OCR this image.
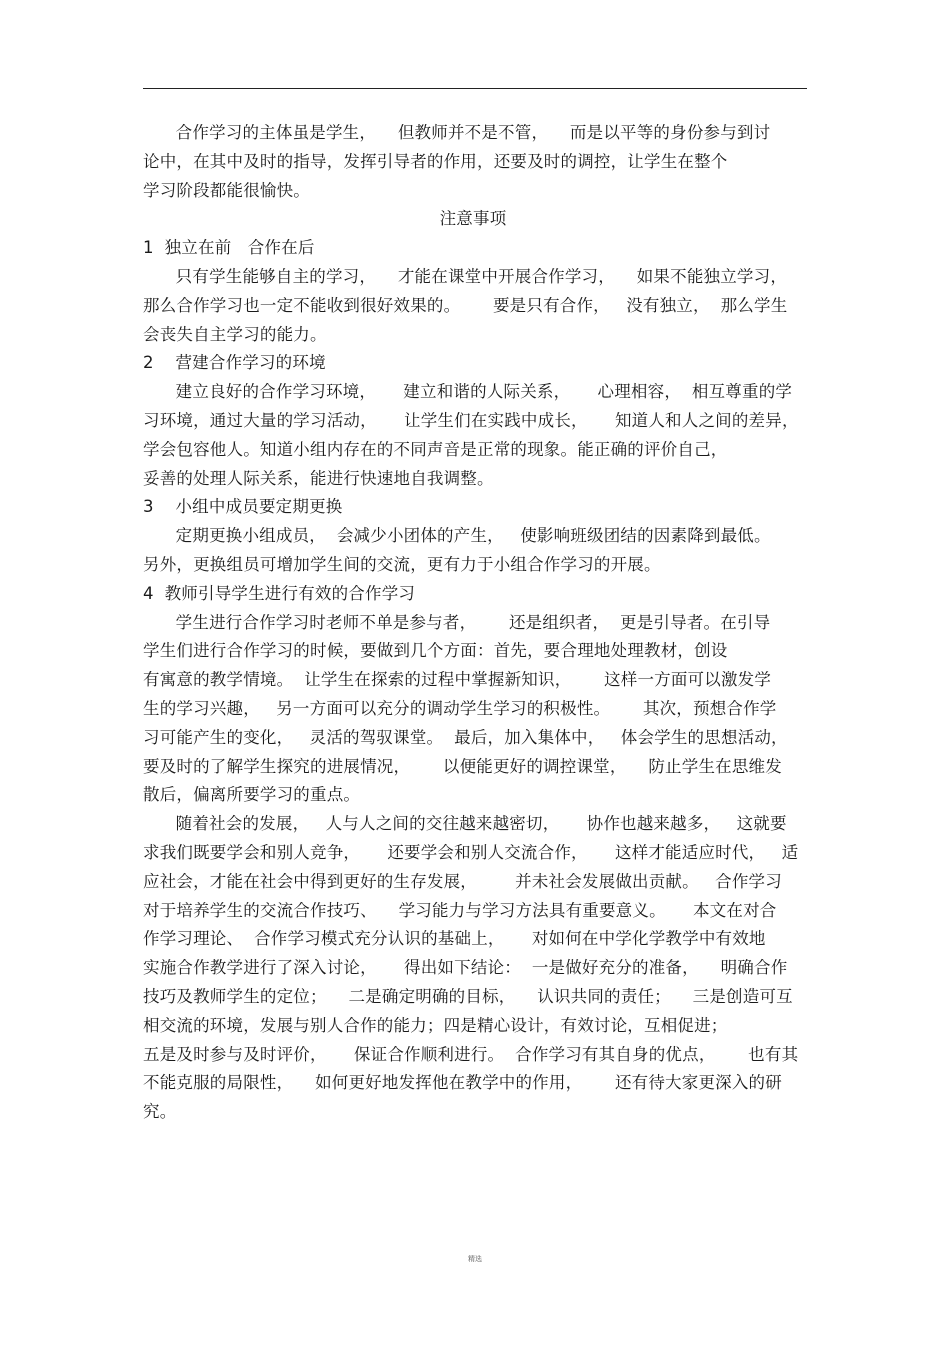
合作学习的主体虽是学生，    但教师并不是不管，    而是以平等的身份参与到讨
论中，在其中及时的指导，发挥引导者的作用，还要及时的调控，让学生在整个
学习阶段都能很愉快。
注意事项
1  独立在前   合作在后
只有学生能够自主的学习，    才能在课堂中开展合作学习，    如果不能独立学习，
那么合作学习也一定不能收到很好效果的。      要是只有合作，   没有独立，  那么学生
会丧失自主学习的能力。
2    营建合作学习的环境
建立良好的合作学习环境，     建立和谐的人际关系，     心理相容，  相互尊重的学
习环境，通过大量的学习活动，     让学生们在实践中成长，     知道人和人之间的差异，
学会包容他人。知道小组内存在的不同声音是正常的现象。能正确的评价自己，
妥善的处理人际关系，能进行快速地自我调整。
3    小组中成员要定期更换
定期更换小组成员，  会减少小团体的产生，   使影响班级团结的因素降到最低。
另外，更换组员可增加学生间的交流，更有力于小组合作学习的开展。
4  教师引导学生进行有效的合作学习
学生进行合作学习时老师不单是参与者，      还是组织者，  更是引导者。在引导
学生们进行合作学习的时候，要做到几个方面：首先，要合理地处理教材，创设
有寓意的教学情境。  让学生在探索的过程中掌握新知识，      这样一方面可以激发学
生的学习兴趣，   另一方面可以充分的调动学生学习的积极性。      其次，预想合作学
习可能产生的变化，   灵活的驾驭课堂。  最后，加入集体中，   体会学生的思想活动，
要及时的了解学生探究的进展情况，      以便能更好的调控课堂，    防止学生在思维发
散后，偏离所要学习的重点。
随着社会的发展，   人与人之间的交往越来越密切，     协作也越来越多，   这就要
求我们既要学会和别人竞争，     还要学会和别人交流合作，     这样才能适应时代，   适
应社会，才能在社会中得到更好的生存发展，       并未社会发展做出贡献。   合作学习
对于培养学生的交流合作技巧、    学习能力与学习方法具有重要意义。     本文在对合
作学习理论、  合作学习模式充分认识的基础上，     对如何在中学化学教学中有效地
实施合作教学进行了深入讨论，     得出如下结论：  一是做好充分的准备，    明确合作
技巧及教师学生的定位；    二是确定明确的目标，    认识共同的责任；    三是创造可互
相交流的环境，发展与别人合作的能力；四是精心设计，有效讨论，互相促进；
五是及时参与及时评价，     保证合作顺利进行。  合作学习有其自身的优点，      也有其
不能克服的局限性，    如何更好地发挥他在教学中的作用，      还有待大家更深入的研
究。
精选
